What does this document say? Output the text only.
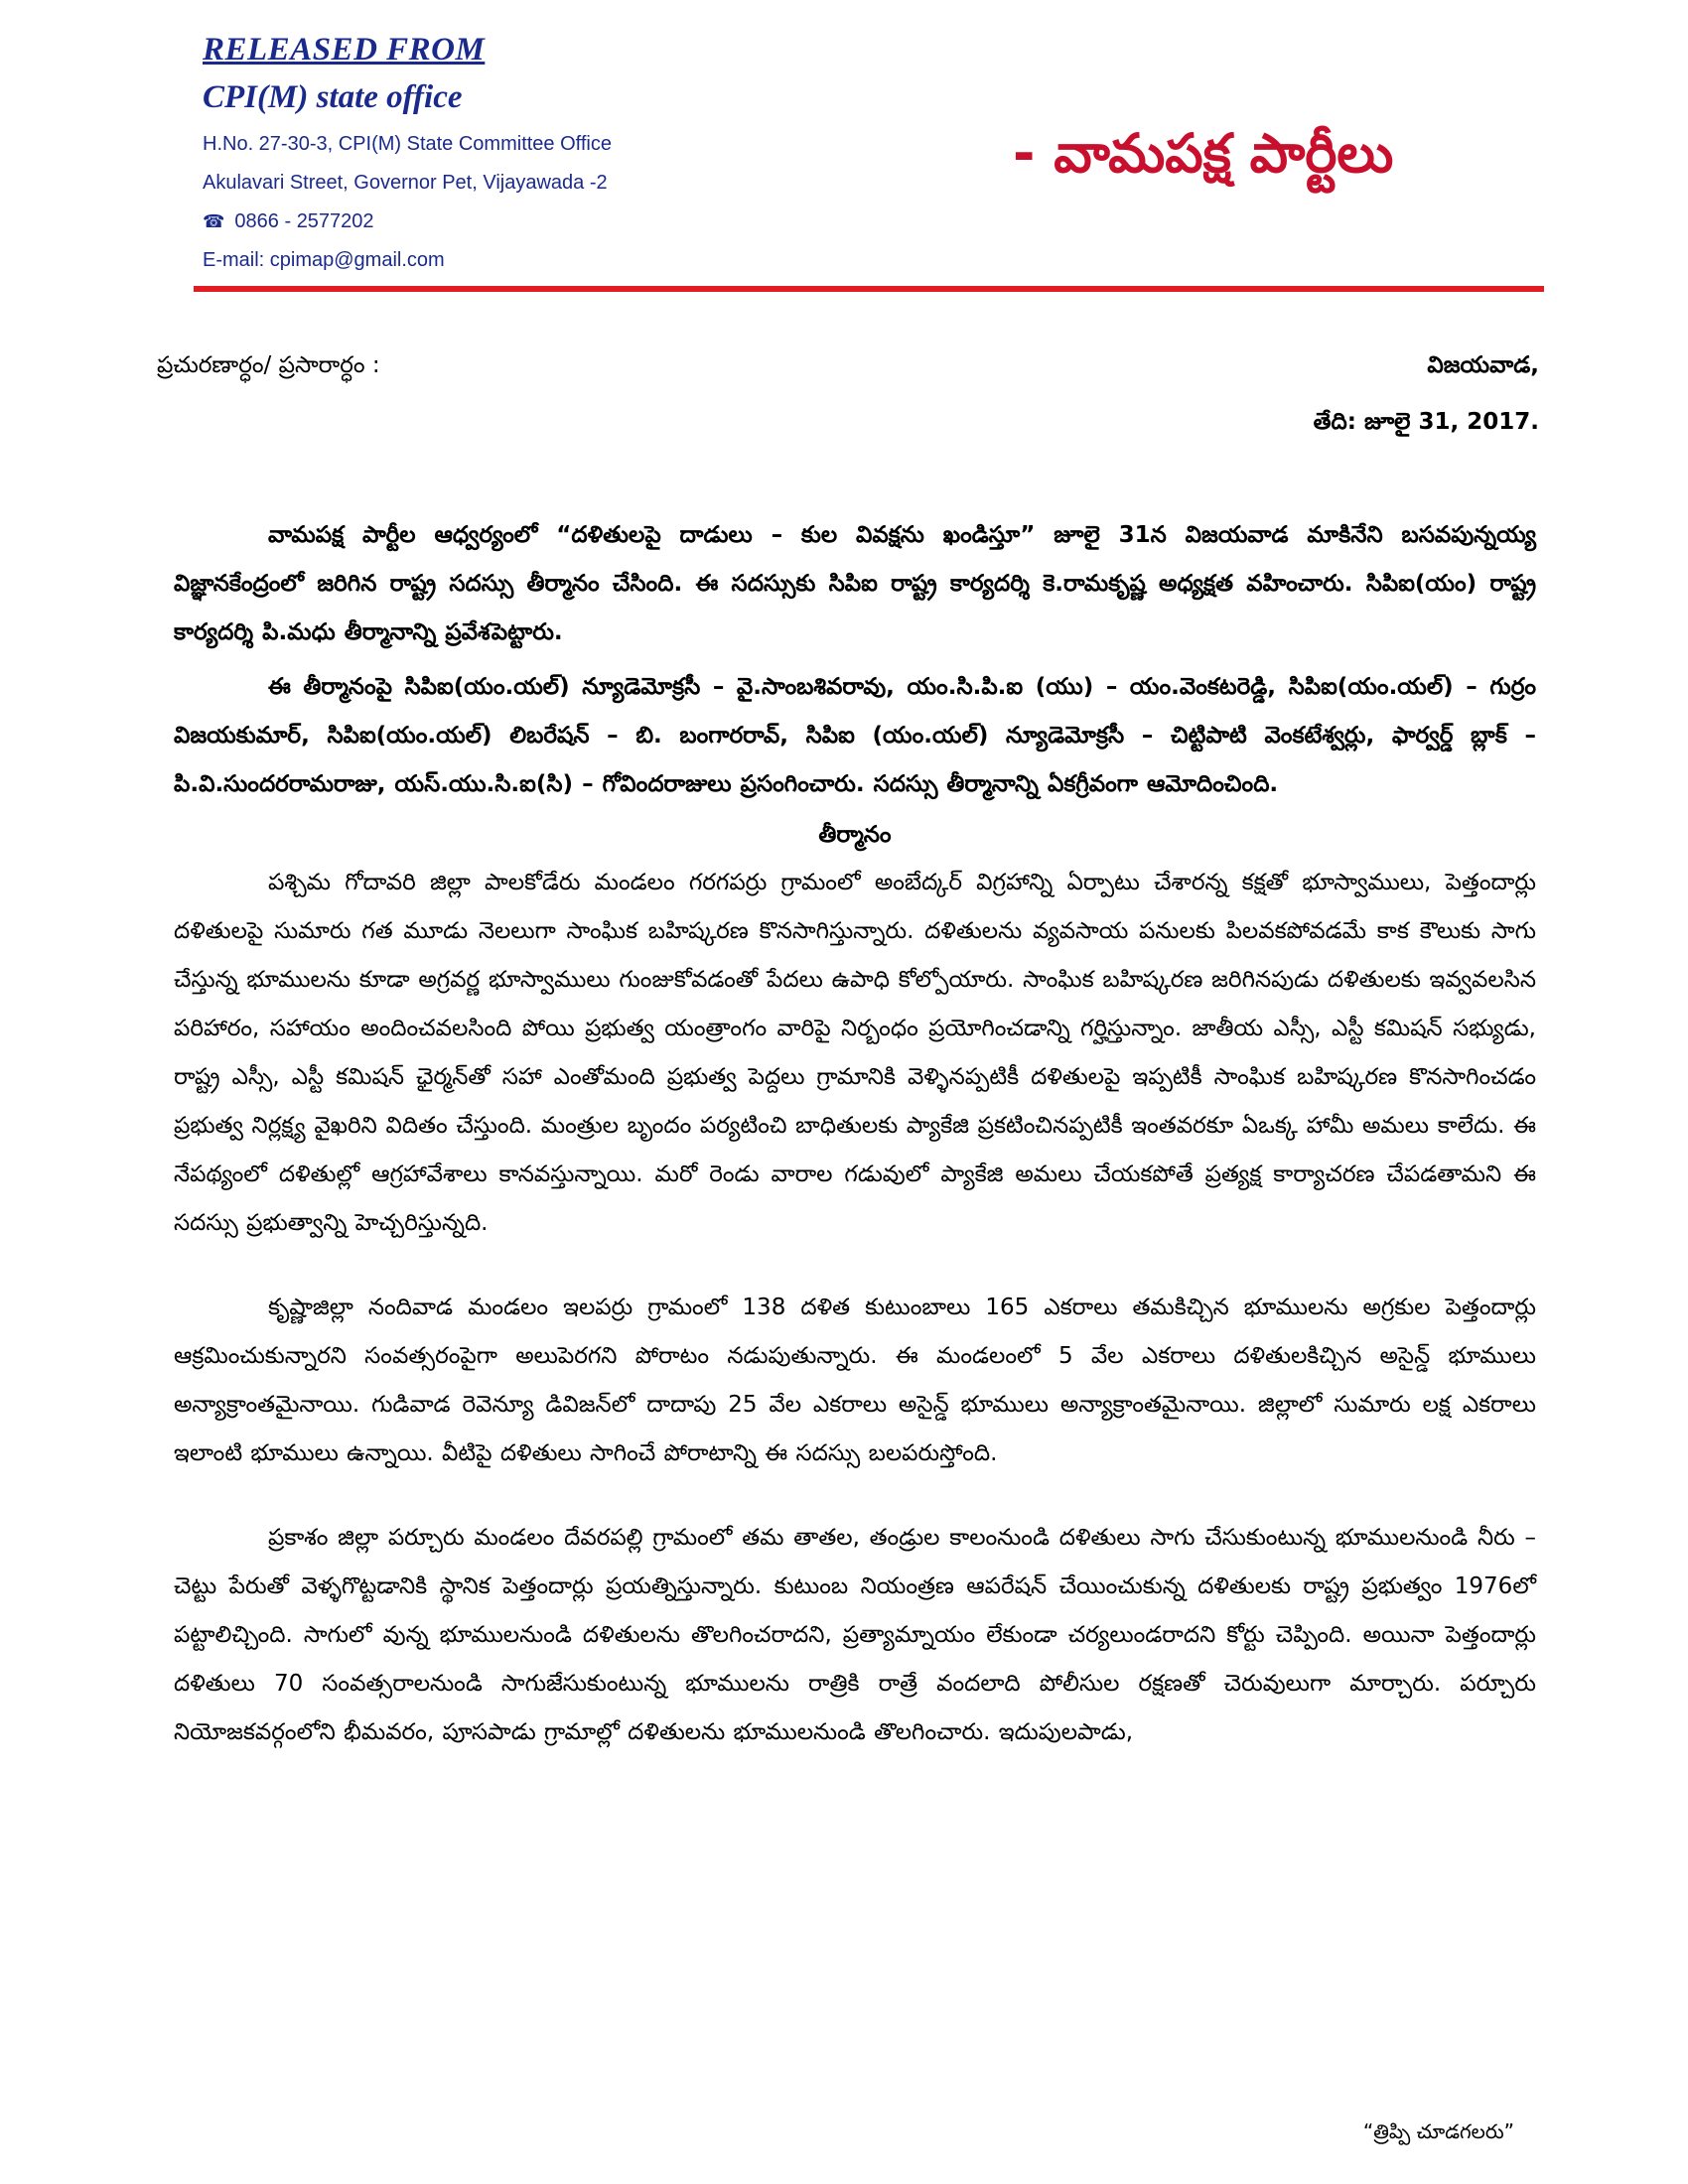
RELEASED FROM

CPI(M) state office

H.No. 27-30-3, CPI(M) State Committee Office

Akulavari Street, Governor Pet, Vijayawada -2

☎ 0866 - 2577202

E-mail: cpimap@gmail.com

- వామపక్ష పార్టీలు

ప్రచురణార్ధం/ ప్రసారార్ధం :	విజయవాడ,

తేది: జూలై 31, 2017.

వామపక్ష పార్టీల ఆధ్వర్యంలో “దళితులపై దాడులు – కుల వివక్షను ఖండిస్తూ” జూలై 31న విజయవాడ మాకినేని బసవపున్నయ్య విజ్ఞానకేంద్రంలో జరిగిన రాష్ట్ర సదస్సు తీర్మానం చేసింది. ఈ సదస్సుకు సిపిఐ రాష్ట్ర కార్యదర్శి కె.రామకృష్ణ అధ్యక్షత వహించారు. సిపిఐ(యం) రాష్ట్ర కార్యదర్శి పి.మధు తీర్మానాన్ని ప్రవేశపెట్టారు.

ఈ తీర్మానంపై సిపిఐ(యం.యల్) న్యూడెమోక్రసీ – వై.సాంబశివరావు, యం.సి.పి.ఐ (యు) – యం.వెంకటరెడ్డి, సిపిఐ(యం.యల్) – గుర్రం విజయకుమార్, సిపిఐ(యం.యల్) లిబరేషన్ – బి. బంగారరావ్, సిపిఐ (యం.యల్) న్యూడెమోక్రసీ – చిట్టిపాటి వెంకటేశ్వర్లు, ఫార్వర్డ్ బ్లాక్ – పి.వి.సుందరరామరాజు, యస్.యు.సి.ఐ(సి) – గోవిందరాజులు ప్రసంగించారు. సదస్సు తీర్మానాన్ని ఏకగ్రీవంగా ఆమోదించింది.

తీర్మానం

పశ్చిమ గోదావరి జిల్లా పాలకోడేరు మండలం గరగపర్రు గ్రామంలో అంబేద్కర్ విగ్రహాన్ని ఏర్పాటు చేశారన్న కక్షతో భూస్వాములు, పెత్తందార్లు దళితులపై సుమారు గత మూడు నెలలుగా సాంఘిక బహిష్కరణ కొనసాగిస్తున్నారు. దళితులను వ్యవసాయ పనులకు పిలవకపోవడమే కాక కౌలుకు సాగు చేస్తున్న భూములను కూడా అగ్రవర్ణ భూస్వాములు గుంజుకోవడంతో పేదలు ఉపాధి కోల్పోయారు. సాంఘిక బహిష్కరణ జరిగినపుడు దళితులకు ఇవ్వవలసిన పరిహారం, సహాయం అందించవలసింది పోయి ప్రభుత్వ యంత్రాంగం వారిపై నిర్బంధం ప్రయోగించడాన్ని గర్హిస్తున్నాం. జాతీయ ఎస్సీ, ఎస్టీ కమిషన్ సభ్యుడు, రాష్ట్ర ఎస్సీ, ఎస్టీ కమిషన్ ఛైర్మన్‌తో సహా ఎంతోమంది ప్రభుత్వ పెద్దలు గ్రామానికి వెళ్ళినప్పటికీ దళితులపై ఇప్పటికీ సాంఘిక బహిష్కరణ కొనసాగించడం ప్రభుత్వ నిర్లక్ష్య వైఖరిని విదితం చేస్తుంది. మంత్రుల బృందం పర్యటించి బాధితులకు ప్యాకేజి ప్రకటించినప్పటికీ ఇంతవరకూ ఏఒక్క హామీ అమలు కాలేదు. ఈ నేపథ్యంలో దళితుల్లో ఆగ్రహావేశాలు కానవస్తున్నాయి. మరో రెండు వారాల గడువులో ప్యాకేజి అమలు చేయకపోతే ప్రత్యక్ష కార్యాచరణ చేపడతామని ఈ సదస్సు ప్రభుత్వాన్ని హెచ్చరిస్తున్నది.

కృష్ణాజిల్లా నందివాడ మండలం ఇలపర్రు గ్రామంలో 138 దళిత కుటుంబాలు 165 ఎకరాలు తమకిచ్చిన భూములను అగ్రకుల పెత్తందార్లు ఆక్రమించుకున్నారని సంవత్సరంపైగా అలుపెరగని పోరాటం నడుపుతున్నారు. ఈ మండలంలో 5 వేల ఎకరాలు దళితులకిచ్చిన అసైన్డ్ భూములు అన్యాక్రాంతమైనాయి. గుడివాడ రెవెన్యూ డివిజన్‌లో దాదాపు 25 వేల ఎకరాలు అసైన్డ్ భూములు అన్యాక్రాంతమైనాయి. జిల్లాలో సుమారు లక్ష ఎకరాలు ఇలాంటి భూములు ఉన్నాయి. వీటిపై దళితులు సాగించే పోరాటాన్ని ఈ సదస్సు బలపరుస్తోంది.

ప్రకాశం జిల్లా పర్చూరు మండలం దేవరపల్లి గ్రామంలో తమ తాతల, తండ్రుల కాలంనుండి దళితులు సాగు చేసుకుంటున్న భూములనుండి నీరు – చెట్టు పేరుతో వెళ్ళగొట్టడానికి స్థానిక పెత్తందార్లు ప్రయత్నిస్తున్నారు. కుటుంబ నియంత్రణ ఆపరేషన్ చేయించుకున్న దళితులకు రాష్ట్ర ప్రభుత్వం 1976లో పట్టాలిచ్చింది. సాగులో వున్న భూములనుండి దళితులను తొలగించరాదని, ప్రత్యామ్నాయం లేకుండా చర్యలుండరాదని కోర్టు చెప్పింది. అయినా పెత్తందార్లు దళితులు 70 సంవత్సరాలనుండి సాగుజేసుకుంటున్న భూములను రాత్రికి రాత్రే వందలాది పోలీసుల రక్షణతో చెరువులుగా మార్చారు. పర్చూరు నియోజకవర్గంలోని భీమవరం, పూసపాడు గ్రామాల్లో దళితులను భూములనుండి తొలగించారు. ఇదుపులపాడు,

“త్రిప్పి చూడగలరు”
